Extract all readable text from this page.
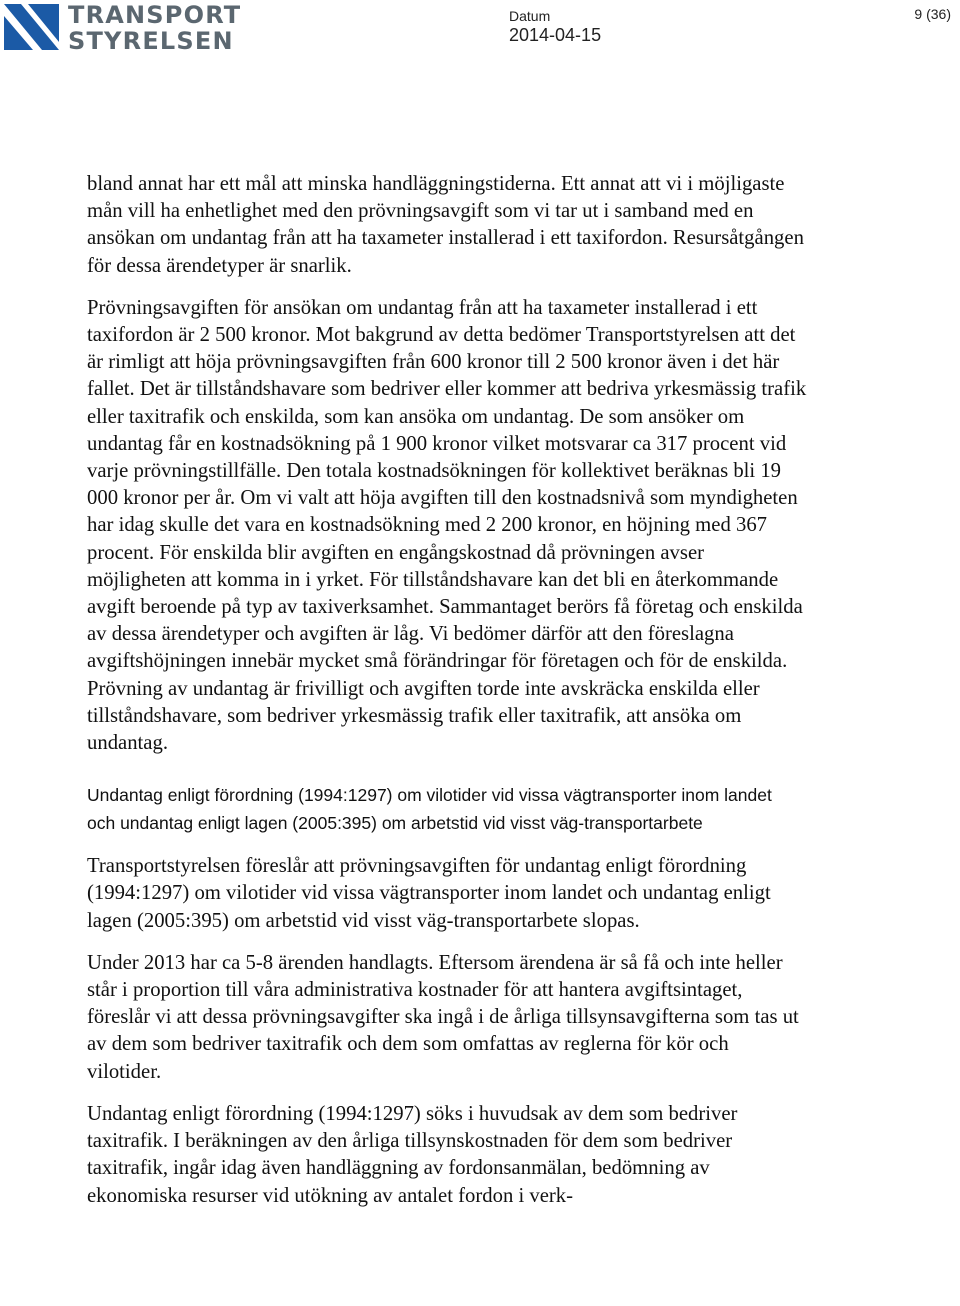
TRANSPORT
STYRELSEN
Datum
2014-04-15
9 (36)

bland annat har ett mål att minska handläggningstiderna. Ett annat att vi i möjligaste mån vill ha enhetlighet med den prövningsavgift som vi tar ut i samband med en ansökan om undantag från att ha taxameter installerad i ett taxifordon. Resursåtgången för dessa ärendetyper är snarlik.

Prövningsavgiften för ansökan om undantag från att ha taxameter installerad i ett taxifordon är 2 500 kronor. Mot bakgrund av detta bedömer Transportstyrelsen att det är rimligt att höja prövningsavgiften från 600 kronor till 2 500 kronor även i det här fallet. Det är tillståndshavare som bedriver eller kommer att bedriva yrkesmässig trafik eller taxitrafik och enskilda, som kan ansöka om undantag. De som ansöker om undantag får en kostnadsökning på 1 900 kronor vilket motsvarar ca 317 procent vid varje prövningstillfälle. Den totala kostnadsökningen för kollektivet beräknas bli 19 000 kronor per år. Om vi valt att höja avgiften till den kostnadsnivå som myndigheten har idag skulle det vara en kostnadsökning med 2 200 kronor, en höjning med 367 procent. För enskilda blir avgiften en engångskostnad då prövningen avser möjligheten att komma in i yrket. För tillståndshavare kan det bli en återkommande avgift beroende på typ av taxiverksamhet. Sammantaget berörs få företag och enskilda av dessa ärendetyper och avgiften är låg. Vi bedömer därför att den föreslagna avgiftshöjningen innebär mycket små förändringar för företagen och för de enskilda. Prövning av undantag är frivilligt och avgiften torde inte avskräcka enskilda eller tillståndshavare, som bedriver yrkesmässig trafik eller taxitrafik, att ansöka om undantag.

Undantag enligt förordning (1994:1297) om vilotider vid vissa vägtransporter inom landet och undantag enligt lagen (2005:395) om arbetstid vid visst väg-transportarbete

Transportstyrelsen föreslår att prövningsavgiften för undantag enligt förordning (1994:1297) om vilotider vid vissa vägtransporter inom landet och undantag enligt lagen (2005:395) om arbetstid vid visst väg-transportarbete slopas.

Under 2013 har ca 5-8 ärenden handlagts. Eftersom ärendena är så få och inte heller står i proportion till våra administrativa kostnader för att hantera avgiftsintaget, föreslår vi att dessa prövningsavgifter ska ingå i de årliga tillsynsavgifterna som tas ut av dem som bedriver taxitrafik och dem som omfattas av reglerna för kör och vilotider.

Undantag enligt förordning (1994:1297) söks i huvudsak av dem som bedriver taxitrafik. I beräkningen av den årliga tillsynskostnaden för dem som bedriver taxitrafik, ingår idag även handläggning av fordonsanmälan, bedömning av ekonomiska resurser vid utökning av antalet fordon i verk-
